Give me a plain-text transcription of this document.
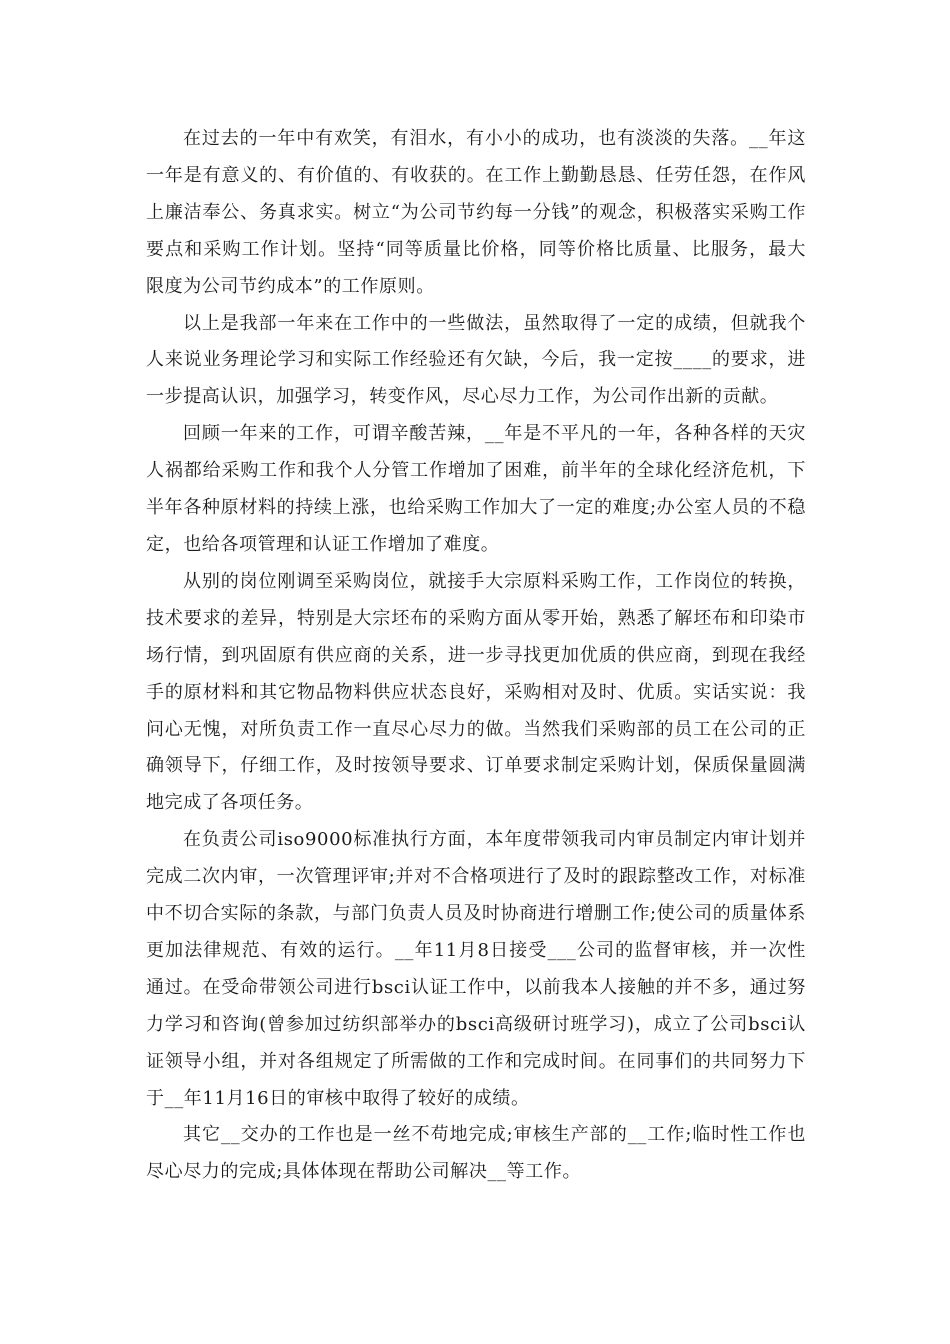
在过去的一年中有欢笑，有泪水，有小小的成功，也有淡淡的失落。__年这一年是有意义的、有价值的、有收获的。在工作上勤勤恳恳、任劳任怨，在作风上廉洁奉公、务真求实。树立“为公司节约每一分钱”的观念，积极落实采购工作要点和采购工作计划。坚持“同等质量比价格，同等价格比质量、比服务，最大限度为公司节约成本”的工作原则。

以上是我部一年来在工作中的一些做法，虽然取得了一定的成绩，但就我个人来说业务理论学习和实际工作经验还有欠缺，今后，我一定按____的要求，进一步提高认识，加强学习，转变作风，尽心尽力工作，为公司作出新的贡献。

回顾一年来的工作，可谓辛酸苦辣，__年是不平凡的一年，各种各样的天灾人祸都给采购工作和我个人分管工作增加了困难，前半年的全球化经济危机，下半年各种原材料的持续上涨，也给采购工作加大了一定的难度;办公室人员的不稳定，也给各项管理和认证工作增加了难度。

从别的岗位刚调至采购岗位，就接手大宗原料采购工作，工作岗位的转换，技术要求的差异，特别是大宗坯布的采购方面从零开始，熟悉了解坯布和印染市场行情，到巩固原有供应商的关系，进一步寻找更加优质的供应商，到现在我经手的原材料和其它物品物料供应状态良好，采购相对及时、优质。实话实说：我问心无愧，对所负责工作一直尽心尽力的做。当然我们采购部的员工在公司的正确领导下，仔细工作，及时按领导要求、订单要求制定采购计划，保质保量圆满地完成了各项任务。

在负责公司iso9000标准执行方面，本年度带领我司内审员制定内审计划并完成二次内审，一次管理评审;并对不合格项进行了及时的跟踪整改工作，对标准中不切合实际的条款，与部门负责人员及时协商进行增删工作;使公司的质量体系更加法律规范、有效的运行。__年11月8日接受___公司的监督审核，并一次性通过。在受命带领公司进行bsci认证工作中，以前我本人接触的并不多，通过努力学习和咨询(曾参加过纺织部举办的bsci高级研讨班学习)，成立了公司bsci认证领导小组，并对各组规定了所需做的工作和完成时间。在同事们的共同努力下于__年11月16日的审核中取得了较好的成绩。

其它__交办的工作也是一丝不苟地完成;审核生产部的__工作;临时性工作也尽心尽力的完成;具体体现在帮助公司解决__等工作。
